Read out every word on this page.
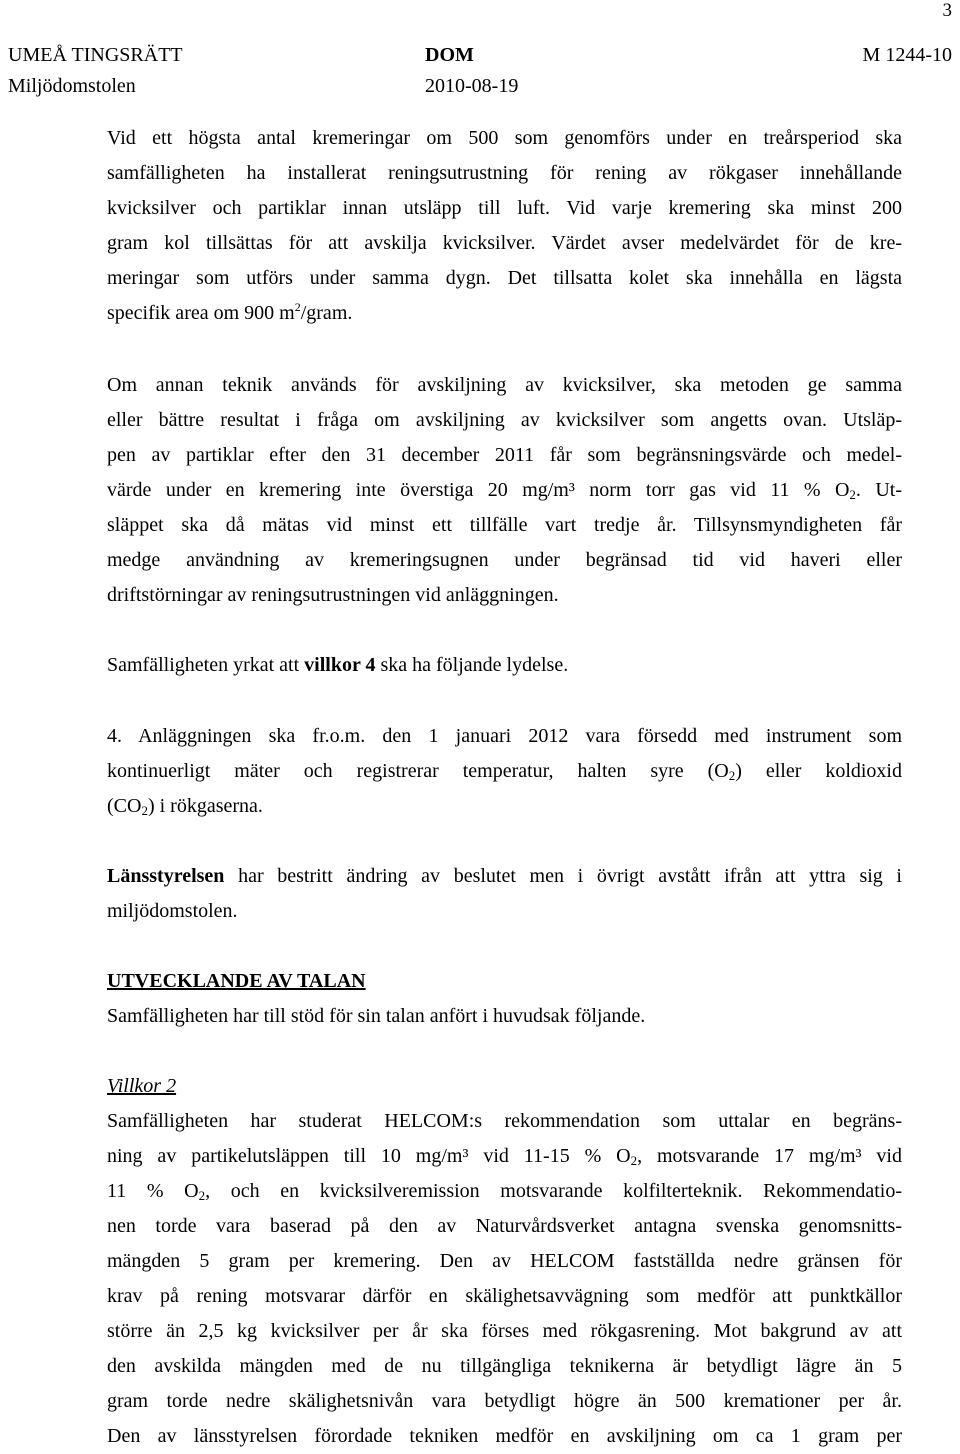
3
UMEÅ TINGSRÄTT	DOM	M 1244-10
Miljödomstolen	2010-08-19
Vid ett högsta antal kremeringar om 500 som genomförs under en treårsperiod ska
samfälligheten ha installerat reningsutrustning för rening av rökgaser innehållande
kvicksilver och partiklar innan utsläpp till luft. Vid varje kremering ska minst 200
gram kol tillsättas för att avskilja kvicksilver. Värdet avser medelvärdet för de kre-
meringar som utförs under samma dygn. Det tillsatta kolet ska innehålla en lägsta
specifik area om 900 $m^2$/gram.
Om annan teknik används för avskiljning av kvicksilver, ska metoden ge samma
eller bättre resultat i fråga om avskiljning av kvicksilver som angetts ovan. Utsläp-
pen av partiklar efter den 31 december 2011 får som begränsningsvärde och medel-
värde under en kremering inte överstiga 20 mg/m³ norm torr gas vid 11 % $O_2$. Ut-
släppet ska då mätas vid minst ett tillfälle vart tredje år. Tillsynsmyndigheten får
medge användning av kremeringsugnen under begränsad tid vid haveri eller
driftstörningar av reningsutrustningen vid anläggningen.
Samfälligheten yrkat att villkor 4 ska ha följande lydelse.
4. Anläggningen ska fr.o.m. den 1 januari 2012 vara försedd med instrument som
kontinuerligt mäter och registrerar temperatur, halten syre $(O_2)$ eller koldioxid
$(CO_2)$ i rökgaserna.
Länsstyrelsen har bestritt ändring av beslutet men i övrigt avstått ifrån att yttra sig i
miljödomstolen.
UTVECKLANDE AV TALAN
Samfälligheten har till stöd för sin talan anfört i huvudsak följande.
Villkor 2
Samfälligheten har studerat HELCOM:s rekommendation som uttalar en begräns-
ning av partikelutsläppen till 10 mg/m³ vid 11-15 % $O_2$, motsvarande 17 mg/m³ vid
11 % $O_2$, och en kvicksilveremission motsvarande kolfilterteknik. Rekommendatio-
nen torde vara baserad på den av Naturvårdsverket antagna svenska genomsnitts-
mängden 5 gram per kremering. Den av HELCOM fastställda nedre gränsen för
krav på rening motsvarar därför en skälighetsavvägning som medför att punktkällor
större än 2,5 kg kvicksilver per år ska förses med rökgasrening. Mot bakgrund av att
den avskilda mängden med de nu tillgängliga teknikerna är betydligt lägre än 5
gram torde nedre skälighetsnivån vara betydligt högre än 500 kremationer per år.
Den av länsstyrelsen förordade tekniken medför en avskiljning om ca 1 gram per
